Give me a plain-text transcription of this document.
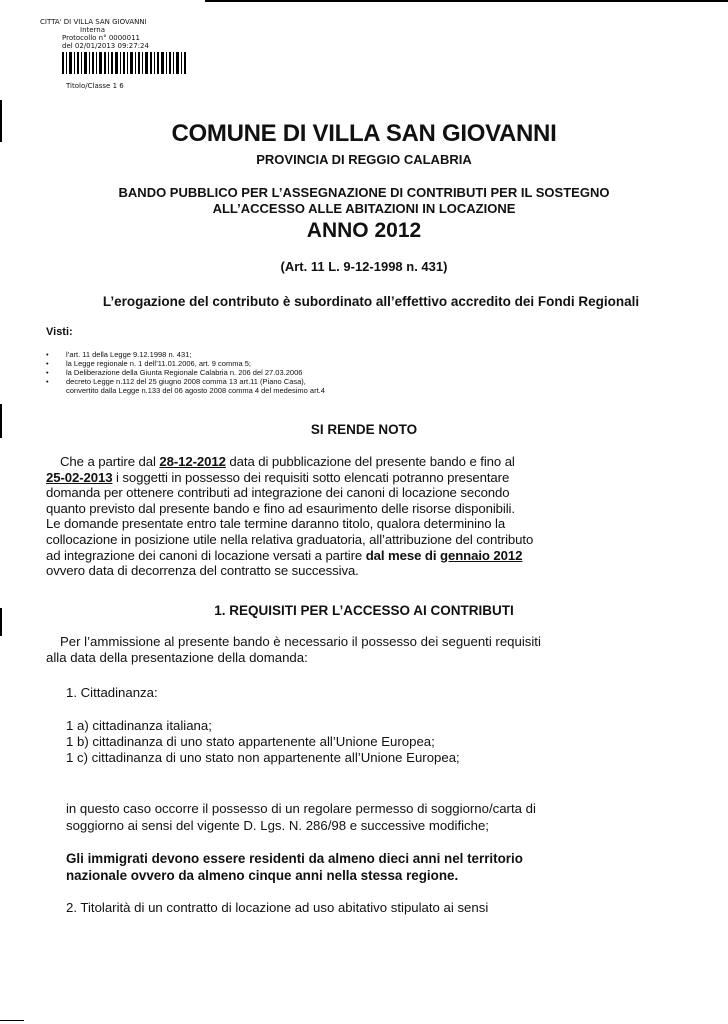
CITTA' DI VILLA SAN GIOVANNI
Interna
Protocollo n° 0000011
del 02/01/2013 09:27:24
Titolo/Classe 1 6
COMUNE DI VILLA SAN GIOVANNI
PROVINCIA DI REGGIO CALABRIA
BANDO PUBBLICO PER L’ASSEGNAZIONE DI CONTRIBUTI PER IL SOSTEGNO
ALL’ACCESSO ALLE ABITAZIONI IN LOCAZIONE
ANNO 2012
(Art. 11 L. 9-12-1998 n. 431)
L’erogazione del contributo è subordinato all’effettivo accredito dei Fondi Regionali
Visti:
• l’art. 11 della Legge 9.12.1998 n. 431;
• la Legge regionale n. 1 dell’11.01.2006, art. 9 comma 5;
• la Deliberazione della Giunta Regionale Calabria n. 206 del 27.03.2006
• decreto Legge n.112 del 25 giugno 2008 comma 13 art.11 (Piano Casa),
convertito dalla Legge n.133 del 06 agosto 2008 comma 4 del medesimo art.4
SI RENDE NOTO
Che a partire dal 28-12-2012 data di pubblicazione del presente bando e fino al
25-02-2013 i soggetti in possesso dei requisiti sotto elencati potranno presentare
domanda per ottenere contributi ad integrazione dei canoni di locazione secondo
quanto previsto dal presente bando e fino ad esaurimento delle risorse disponibili.
Le domande presentate entro tale termine daranno titolo, qualora determinino la
collocazione in posizione utile nella relativa graduatoria, all’attribuzione del contributo
ad integrazione dei canoni di locazione versati a partire dal mese di gennaio 2012
ovvero data di decorrenza del contratto se successiva.
1. REQUISITI PER L’ACCESSO AI CONTRIBUTI
Per l’ammissione al presente bando è necessario il possesso dei seguenti requisiti
alla data della presentazione della domanda:
1. Cittadinanza:
1 a) cittadinanza italiana;
1 b) cittadinanza di uno stato appartenente all’Unione Europea;
1 c) cittadinanza di uno stato non appartenente all’Unione Europea;
in questo caso occorre il possesso di un regolare permesso di soggiorno/carta di
soggiorno ai sensi del vigente D. Lgs. N. 286/98 e successive modifiche;
Gli immigrati devono essere residenti da almeno dieci anni nel territorio
nazionale ovvero da almeno cinque anni nella stessa regione.
2. Titolarità di un contratto di locazione ad uso abitativo stipulato ai sensi
